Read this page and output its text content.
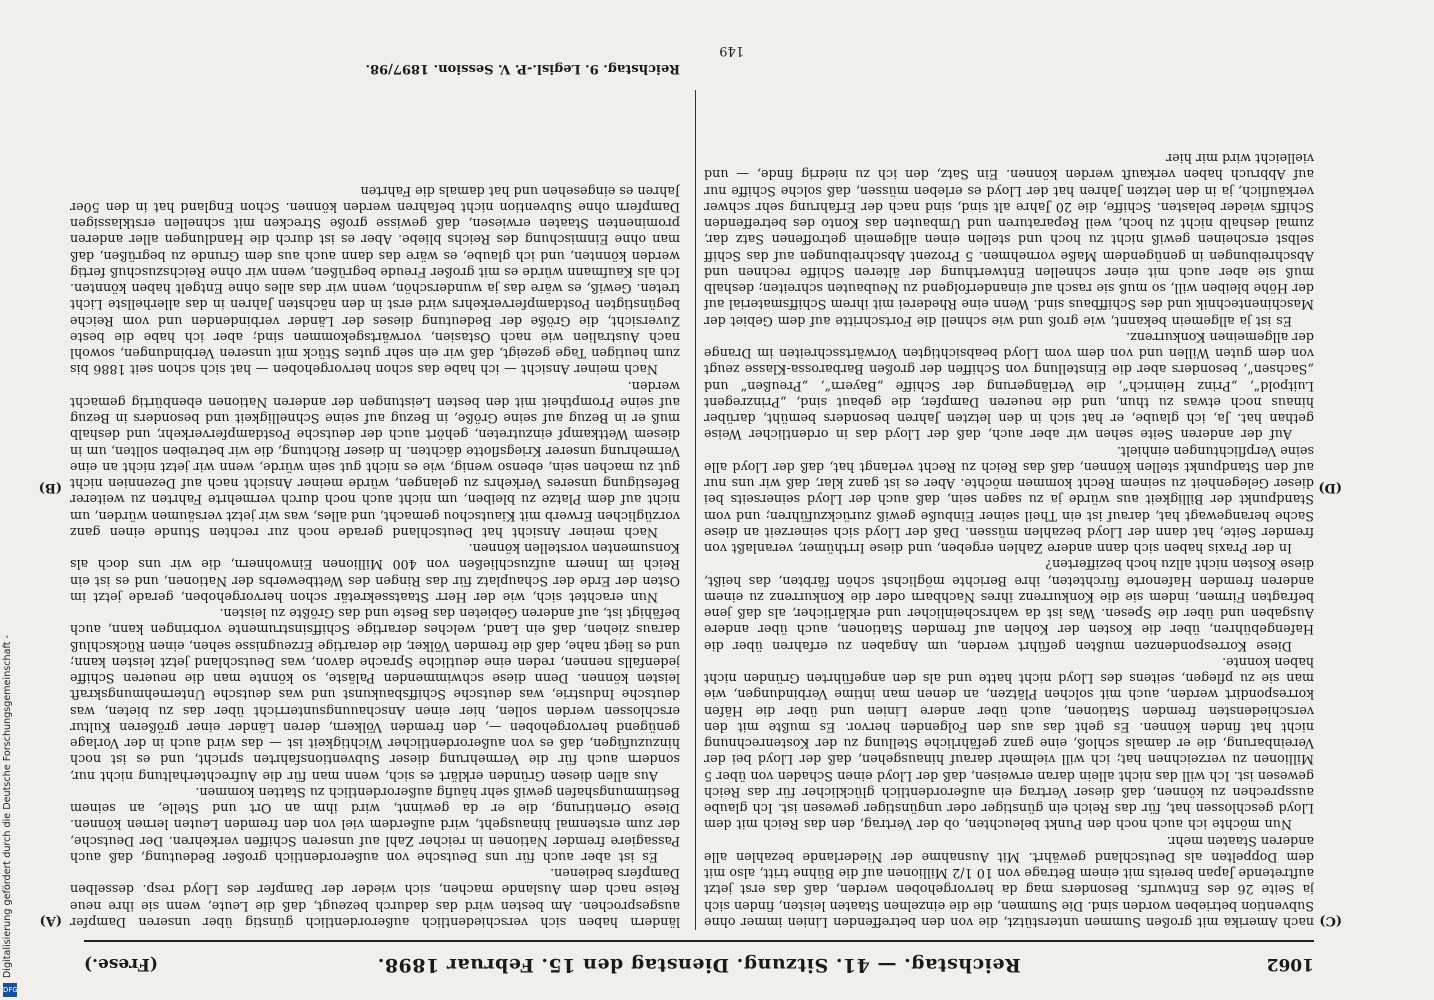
1062
Reichstag. — 41. Sitzung. Dienstag den 15. Februar 1898.
(Frese.)
(C)
(D)
(A)
(B)

nach Amerika mit großen Summen unterstützt, die von den betreffenden Linien immer ohne Subvention betrieben worden sind. Die Summen, die die einzelnen Staaten leisten, finden sich ja Seite 26 des Entwurfs. Besonders mag da hervorgehoben werden, daß das erst jetzt auftretende Japan bereits mit einem Betrage von 10 1/2 Millionen auf die Bühne tritt, also mit dem Doppelten als Deutschland gewährt. Mit Ausnahme der Niederlande bezahlen alle anderen Staaten mehr.

Nun möchte ich auch noch den Punkt beleuchten, ob der Vertrag, den das Reich mit dem Lloyd geschlossen hat, für das Reich ein günstiger oder ungünstiger gewesen ist. Ich glaube aussprechen zu können, daß dieser Vertrag ein außerordentlich glücklicher für das Reich gewesen ist. Ich will das nicht allein daran erweisen, daß der Lloyd einen Schaden von über 5 Millionen zu verzeichnen hat; ich will vielmehr darauf hinausgehen, daß der Lloyd bei der Vereinbarung, die er damals schloß, eine ganz gefährliche Stellung zu der Kostenrechnung nicht hat finden können. Es geht das aus den Folgenden hervor. Es mußte mit den verschiedensten fremden Stationen, auch über andere Linien und über die Häfen korrespondirt werden, auch mit solchen Plätzen, an denen man intime Verbindungen, wie man sie zu pflegen, seitens des Lloyd nicht hatte und als den angeführten Gründen nicht haben konnte.

Diese Korrespondenzen mußten geführt werden, um Angaben zu erfahren über die Hafengebühren, über die Kosten der Kohlen auf fremden Stationen, auch über andere Ausgaben und über die Spesen. Was ist da wahrscheinlicher und erklärlicher, als daß jene befragten Firmen, indem sie die Konkurrenz ihres Nachbarn oder die Konkurrenz zu einem anderen fremden Hafenorte fürchteten, ihre Berichte möglichst schön färbten, das heißt, diese Kosten nicht allzu hoch bezifferten?

In der Praxis haben sich dann andere Zahlen ergeben, und diese Irrthümer, veranlaßt von fremder Seite, hat dann der Lloyd bezahlen müssen. Daß der Lloyd sich seinerzeit an diese Sache herangewagt hat, darauf ist ein Theil seiner Einbuße gewiß zurückzuführen; und vom Standpunkt der Billigkeit aus würde ja zu sagen sein, daß auch der Lloyd seinerseits bei dieser Gelegenheit zu seinem Recht kommen möchte. Aber es ist ganz klar, daß wir uns nur auf den Standpunkt stellen können, daß das Reich zu Recht verlangt hat, daß der Lloyd alle seine Verpflichtungen einhielt.

Auf der anderen Seite sehen wir aber auch, daß der Lloyd das in ordentlicher Weise gethan hat. Ja, ich glaube, er hat sich in den letzten Jahren besonders bemüht, darüber hinaus noch etwas zu thun, und die neueren Dampfer, die gebaut sind, „Prinzregent Luitpold“, „Prinz Heinrich“, die Verlängerung der Schiffe „Bayern“, „Preußen“ und „Sachsen“, besonders aber die Einstellung von Schiffen der großen Barbarossa-Klasse zeugt von dem guten Willen und von dem vom Lloyd beabsichtigten Vorwärtsschreiten im Drange der allgemeinen Konkurrenz.

Es ist ja allgemein bekannt, wie groß und wie schnell die Fortschritte auf dem Gebiet der Maschinentechnik und des Schiffbaus sind. Wenn eine Rhederei mit ihrem Schiffsmaterial auf der Höhe bleiben will, so muß sie rasch auf einanderfolgend zu Neubauten schreiten; deshalb muß sie aber auch mit einer schnellen Entwerthung der älteren Schiffe rechnen und Abschreibungen in genügendem Maße vornehmen. 5 Prozent Abschreibungen auf das Schiff selbst erscheinen gewiß nicht zu hoch und stellen einen allgemein getroffenen Satz dar, zumal deshalb nicht zu hoch, weil Reparaturen und Umbauten das Konto des betreffenden Schiffs wieder belasten. Schiffe, die 20 Jahre alt sind, sind nach der Erfahrung sehr schwer verkäuflich, ja in den letzten Jahren hat der Lloyd es erleben müssen, daß solche Schiffe nur auf Abbruch haben verkauft werden können. Ein Satz, den ich zu niedrig finde, — und vielleicht wird mir hier

ländern haben sich verschiedentlich außerordentlich günstig über unseren Dampfer ausgesprochen. Am besten wird das dadurch bezeugt, daß die Leute, wenn sie ihre neue Reise nach dem Auslande machen, sich wieder der Dampfer des Lloyd resp. desselben Dampfers bedienen.

Es ist aber auch für uns Deutsche von außerordentlich großer Bedeutung, daß auch Passagiere fremder Nationen in reicher Zahl auf unseren Schiffen verkehren. Der Deutsche, der zum erstenmal hinausgeht, wird außerdem viel von den fremden Leuten lernen können. Diese Orientirung, die er da gewinnt, wird ihm an Ort und Stelle, an seinem Bestimmungshafen gewiß sehr häufig außerordentlich zu Statten kommen.

Aus allen diesen Gründen erklärt es sich, wenn man für die Aufrechterhaltung nicht nur, sondern auch für die Vermehrung dieser Subventionsfahrten spricht, und es ist noch hinzuzufügen, daß es von außerordentlicher Wichtigkeit ist — das wird auch in der Vorlage genügend hervorgehoben —, den fremden Völkern, deren Länder einer größeren Kultur erschlossen werden sollen, hier einen Anschauungsunterricht über das zu bieten, was deutsche Industrie, was deutsche Schiffsbaukunst und was deutsche Unternehmungskraft leisten können. Denn diese schwimmenden Paläste, so könnte man die neueren Schiffe jedenfalls nennen, reden eine deutliche Sprache davon, was Deutschland jetzt leisten kann; und es liegt nahe, daß die fremden Völker, die derartige Erzeugnisse sehen, einen Rückschluß daraus ziehen, daß ein Land, welches derartige Schiffsinstrumente vorbringen kann, auch befähigt ist, auf anderen Gebieten das Beste und das Größte zu leisten.

Nun erachtet sich, wie der Herr Staatssekretär schon hervorgehoben, gerade jetzt im Osten der Erde der Schauplatz für das Ringen des Wettbewerbs der Nationen, und es ist ein Reich im Innern aufzuschließen von 400 Millionen Einwohnern, die wir uns doch als Konsumenten vorstellen können.

Nach meiner Ansicht hat Deutschland gerade noch zur rechten Stunde einen ganz vorzüglichen Erwerb mit Kiautschou gemacht, und alles, was wir jetzt versäumen würden, um nicht auf dem Platze zu bleiben, um nicht auch noch durch vermehrte Fahrten zu weiterer Befestigung unseres Verkehrs zu gelangen, würde meiner Ansicht nach auf Dezennien nicht gut zu machen sein, ebenso wenig, wie es nicht gut sein würde, wenn wir jetzt nicht an eine Vermehrung unserer Kriegsflotte dächten. In dieser Richtung, die wir betreiben sollten, um in diesem Wettkampf einzutreten, gehört auch der deutsche Postdampferverkehr, und deshalb muß er in Bezug auf seine Größe, in Bezug auf seine Schnelligkeit und besonders in Bezug auf seine Promptheit mit den besten Leistungen der anderen Nationen ebenbürtig gemacht werden.

Nach meiner Ansicht — ich habe das schon hervorgehoben — hat sich schon seit 1886 bis zum heutigen Tage gezeigt, daß wir ein sehr gutes Stück mit unseren Verbindungen, sowohl nach Australien wie nach Ostasien, vorwärtsgekommen sind; aber ich habe die beste Zuversicht, die Größe der Bedeutung dieses der Länder verbindenden und vom Reiche begünstigten Postdampferverkehrs wird erst in den nächsten Jahren in das allerhellste Licht treten. Gewiß, es wäre das ja wunderschön, wenn wir das alles ohne Entgelt haben könnten. Ich als Kaufmann würde es mit großer Freude begrüßen, wenn wir ohne Reichszuschuß fertig werden könnten, und ich glaube, es wäre das dann auch aus dem Grunde zu begrüßen, daß man ohne Einmischung des Reichs bliebe. Aber es ist durch die Handlungen aller anderen prominenten Staaten erwiesen, daß gewisse große Strecken mit schnellen erstklassigen Dampfern ohne Subvention nicht befahren werden können. Schon England hat in den 50er Jahren es eingesehen und hat damals die Fahrten

Reichstag. 9. Legisl.-P. V. Session. 1897/98.
149
Digitalisierung gefördert durch die Deutsche Forschungsgemeinschaft -
DFG
